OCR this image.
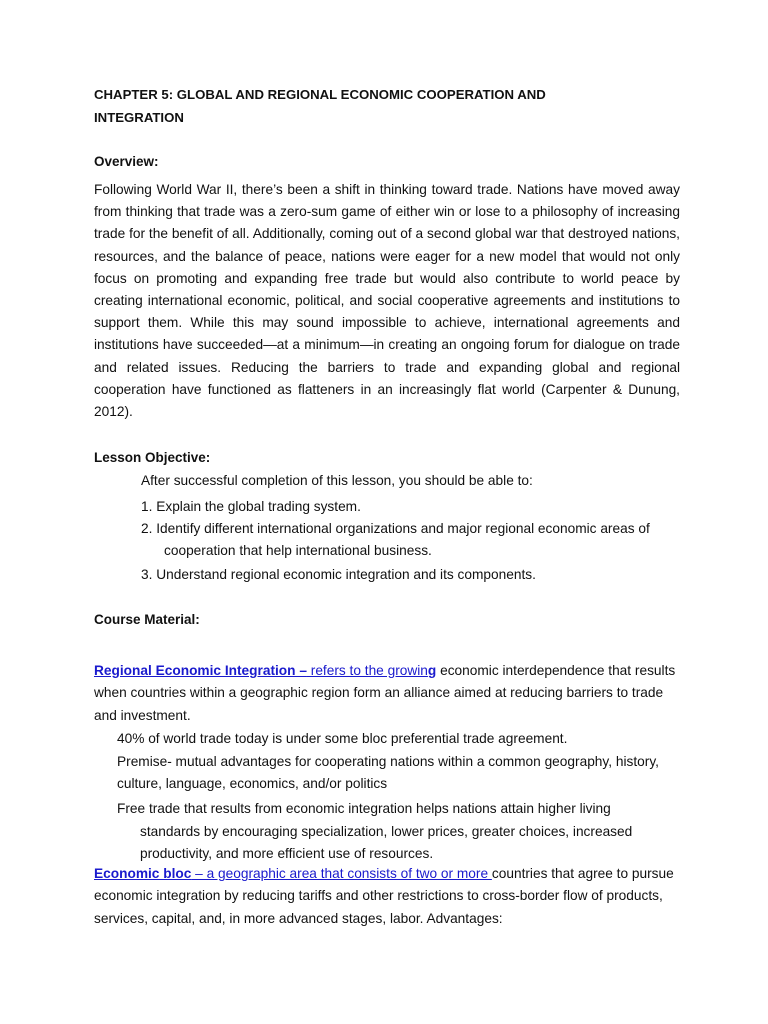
CHAPTER 5: GLOBAL AND REGIONAL ECONOMIC COOPERATION AND
INTEGRATION
Overview:
Following World War II, there’s been a shift in thinking toward trade. Nations have moved away from thinking that trade was a zero-sum game of either win or lose to a philosophy of increasing trade for the benefit of all. Additionally, coming out of a second global war that destroyed nations, resources, and the balance of peace, nations were eager for a new model that would not only focus on promoting and expanding free trade but would also contribute to world peace by creating international economic, political, and social cooperative agreements and institutions to support them. While this may sound impossible to achieve, international agreements and institutions have succeeded—at a minimum—in creating an ongoing forum for dialogue on trade and related issues. Reducing the barriers to trade and expanding global and regional cooperation have functioned as flatteners in an increasingly flat world (Carpenter & Dunung, 2012).
Lesson Objective:
After successful completion of this lesson, you should be able to:
1. Explain the global trading system.
2. Identify different international organizations and major regional economic areas of
cooperation that help international business.
3. Understand regional economic integration and its components.
Course Material:
Regional Economic Integration – refers to the growing economic interdependence that results when countries within a geographic region form an alliance aimed at reducing barriers to trade and investment.
40% of world trade today is under some bloc preferential trade agreement.
Premise- mutual advantages for cooperating nations within a common geography, history, culture, language, economics, and/or politics
Free trade that results from economic integration helps nations attain higher living
standards by encouraging specialization, lower prices, greater choices, increased productivity, and more efficient use of resources.
Economic bloc – a geographic area that consists of two or more countries that agree to pursue economic integration by reducing tariffs and other restrictions to cross-border flow of products, services, capital, and, in more advanced stages, labor. Advantages:
